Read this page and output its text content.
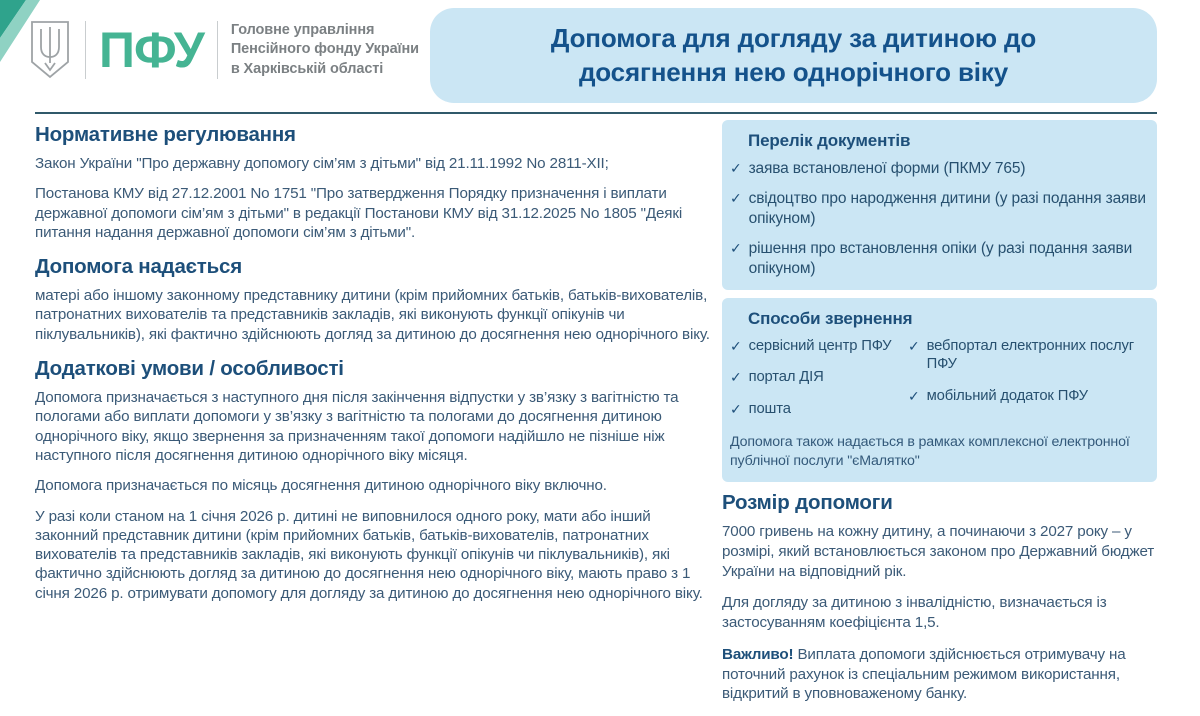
ПФУ Головне управління
Пенсійного фонду України
в Харківській області
Допомога для догляду за дитиною до досягнення нею однорічного віку
Нормативне регулювання

Закон України "Про державну допомогу сім’ям з дітьми" від 21.11.1992 No 2811-XII;

Постанова КМУ від 27.12.2001 No 1751 "Про затвердження Порядку призначення і виплати державної допомоги сім’ям з дітьми" в редакції Постанови КМУ від 31.12.2025 No 1805 "Деякі питання надання державної допомоги сім’ям з дітьми".

Допомога надається

матері або іншому законному представнику дитини (крім прийомних батьків, батьків-вихователів, патронатних вихователів та представників закладів, які виконують функції опікунів чи піклувальників), які фактично здійснюють догляд за дитиною до досягнення нею однорічного віку.

Додаткові умови / особливості

Допомога призначається з наступного дня після закінчення відпустки у зв’язку з вагітністю та пологами або виплати допомоги у зв’язку з вагітністю та пологами до досягнення дитиною однорічного віку, якщо звернення за призначенням такої допомоги надійшло не пізніше ніж наступного після досягнення дитиною однорічного віку місяця.

Допомога призначається по місяць досягнення дитиною однорічного віку включно.

У разі коли станом на 1 січня 2026 р. дитині не виповнилося одного року, мати або інший законний представник дитини (крім прийомних батьків, батьків-вихователів, патронатних вихователів та представників закладів, які виконують функції опікунів чи піклувальників), які фактично здійснюють догляд за дитиною до досягнення нею однорічного віку, мають право з 1 січня 2026 р. отримувати допомогу для догляду за дитиною до досягнення нею однорічного віку.

Перелік документів
✓ заява встановленої форми (ПКМУ 765)
✓ свідоцтво про народження дитини (у разі подання заяви опікуном)
✓ рішення про встановлення опіки (у разі подання заяви опікуном)
Способи звернення
✓ сервісний центр ПФУ
✓ портал ДІЯ
✓ пошта
✓ вебпортал електронних послуг ПФУ
✓ мобільний додаток ПФУ

Допомога також надається в рамках комплексної електронної публічної послуги "єМалятко"

Розмір допомоги

7000 гривень на кожну дитину, а починаючи з 2027 року – у розмірі, який встановлюється законом про Державний бюджет України на відповідний рік.

Для догляду за дитиною з інвалідністю, визначається із застосуванням коефіцієнта 1,5.

Важливо! Виплата допомоги здійснюється отримувачу на поточний рахунок із спеціальним режимом використання, відкритий в уповноваженому банку.
